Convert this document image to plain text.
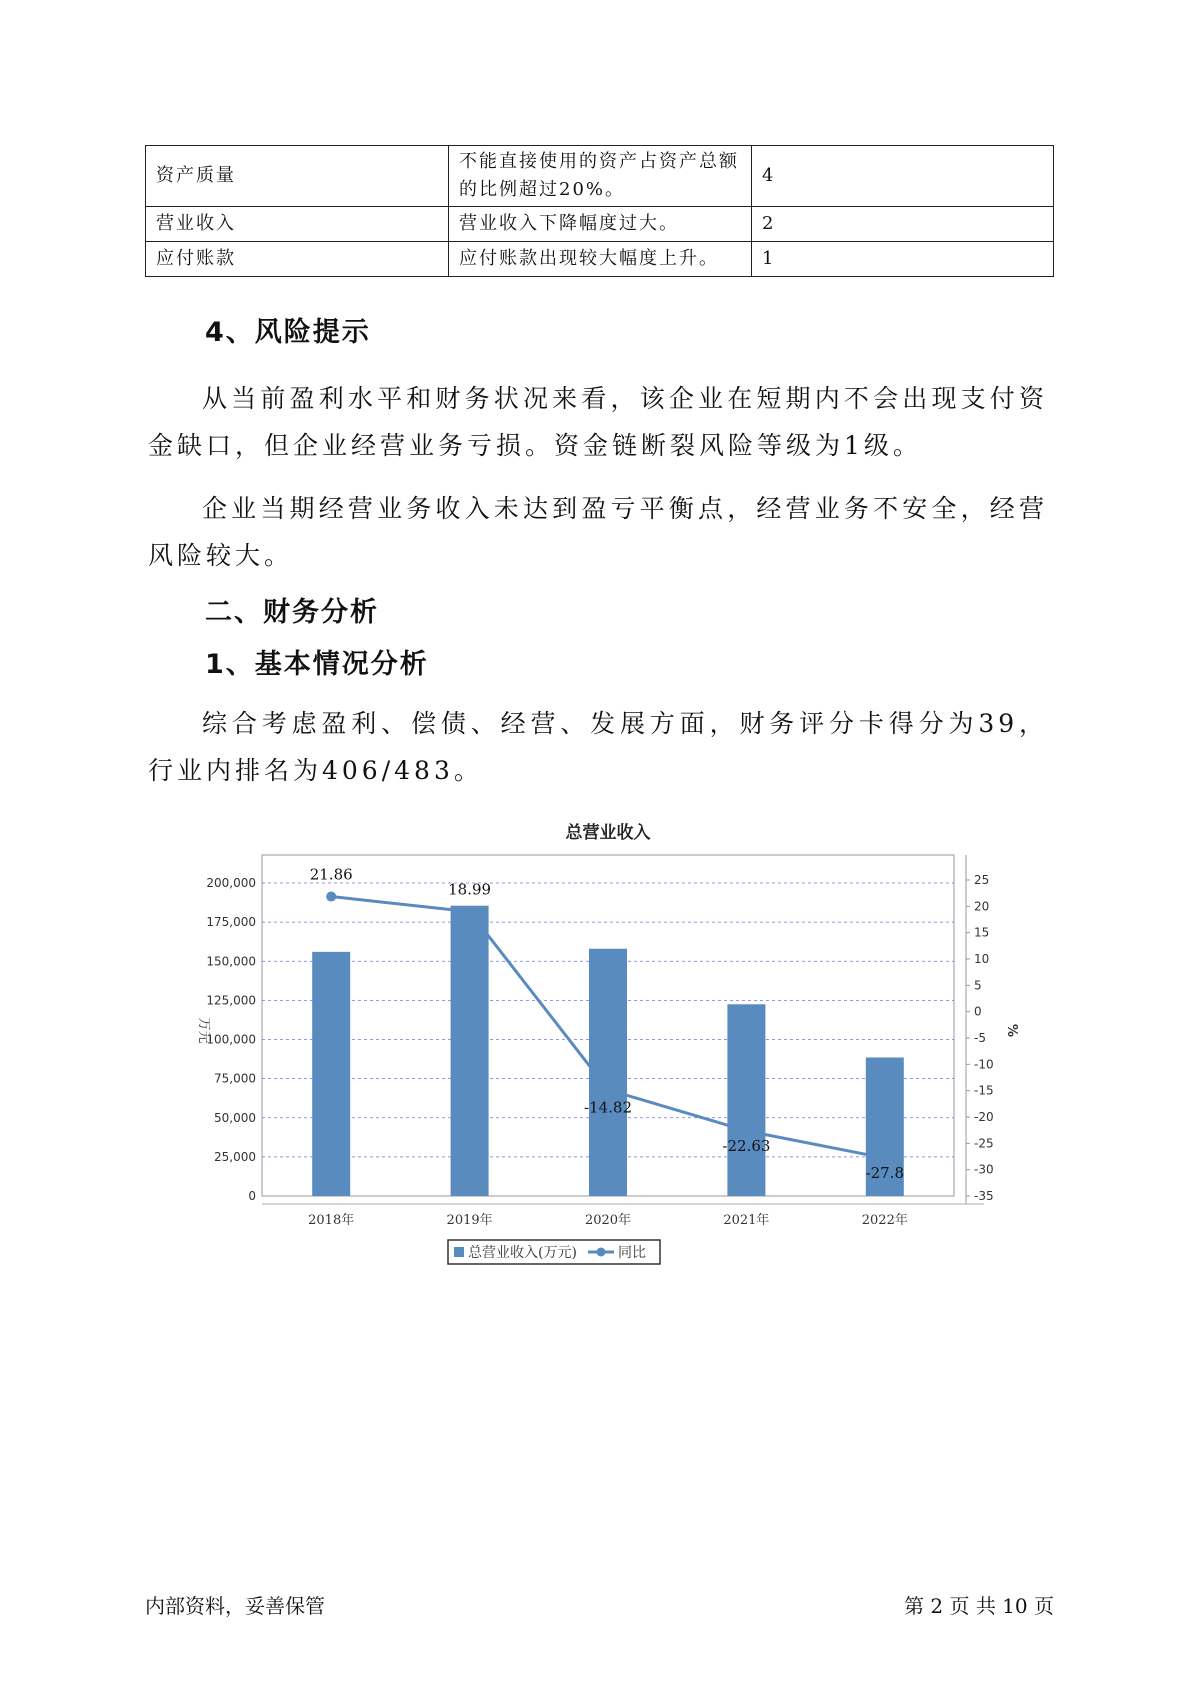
资产质量	不能直接使用的资产占资产总额的比例超过20%。	4
营业收入	营业收入下降幅度过大。	2
应付账款	应付账款出现较大幅度上升。	1
4、风险提示

从当前盈利水平和财务状况来看，该企业在短期内不会出现支付资金缺口，但企业经营业务亏损。资金链断裂风险等级为1级。

企业当期经营业务收入未达到盈亏平衡点，经营业务不安全，经营风险较大。

二、财务分析
1、基本情况分析

综合考虑盈利、偿债、经营、发展方面，财务评分卡得分为39，行业内排名为406/483。

总营业收入
200,000
175,000
150,000
125,000
100,000
75,000
50,000
25,000
0
25
20
15
10
5
0
-5
-10
-15
-20
-25
-30
-35
万元	%
2018年	2019年	2020年	2021年	2022年
21.86
18.99
-14.82
-22.63
-27.8
总营业收入(万元)	同比
内部资料，妥善保管	第 2 页 共 10 页
